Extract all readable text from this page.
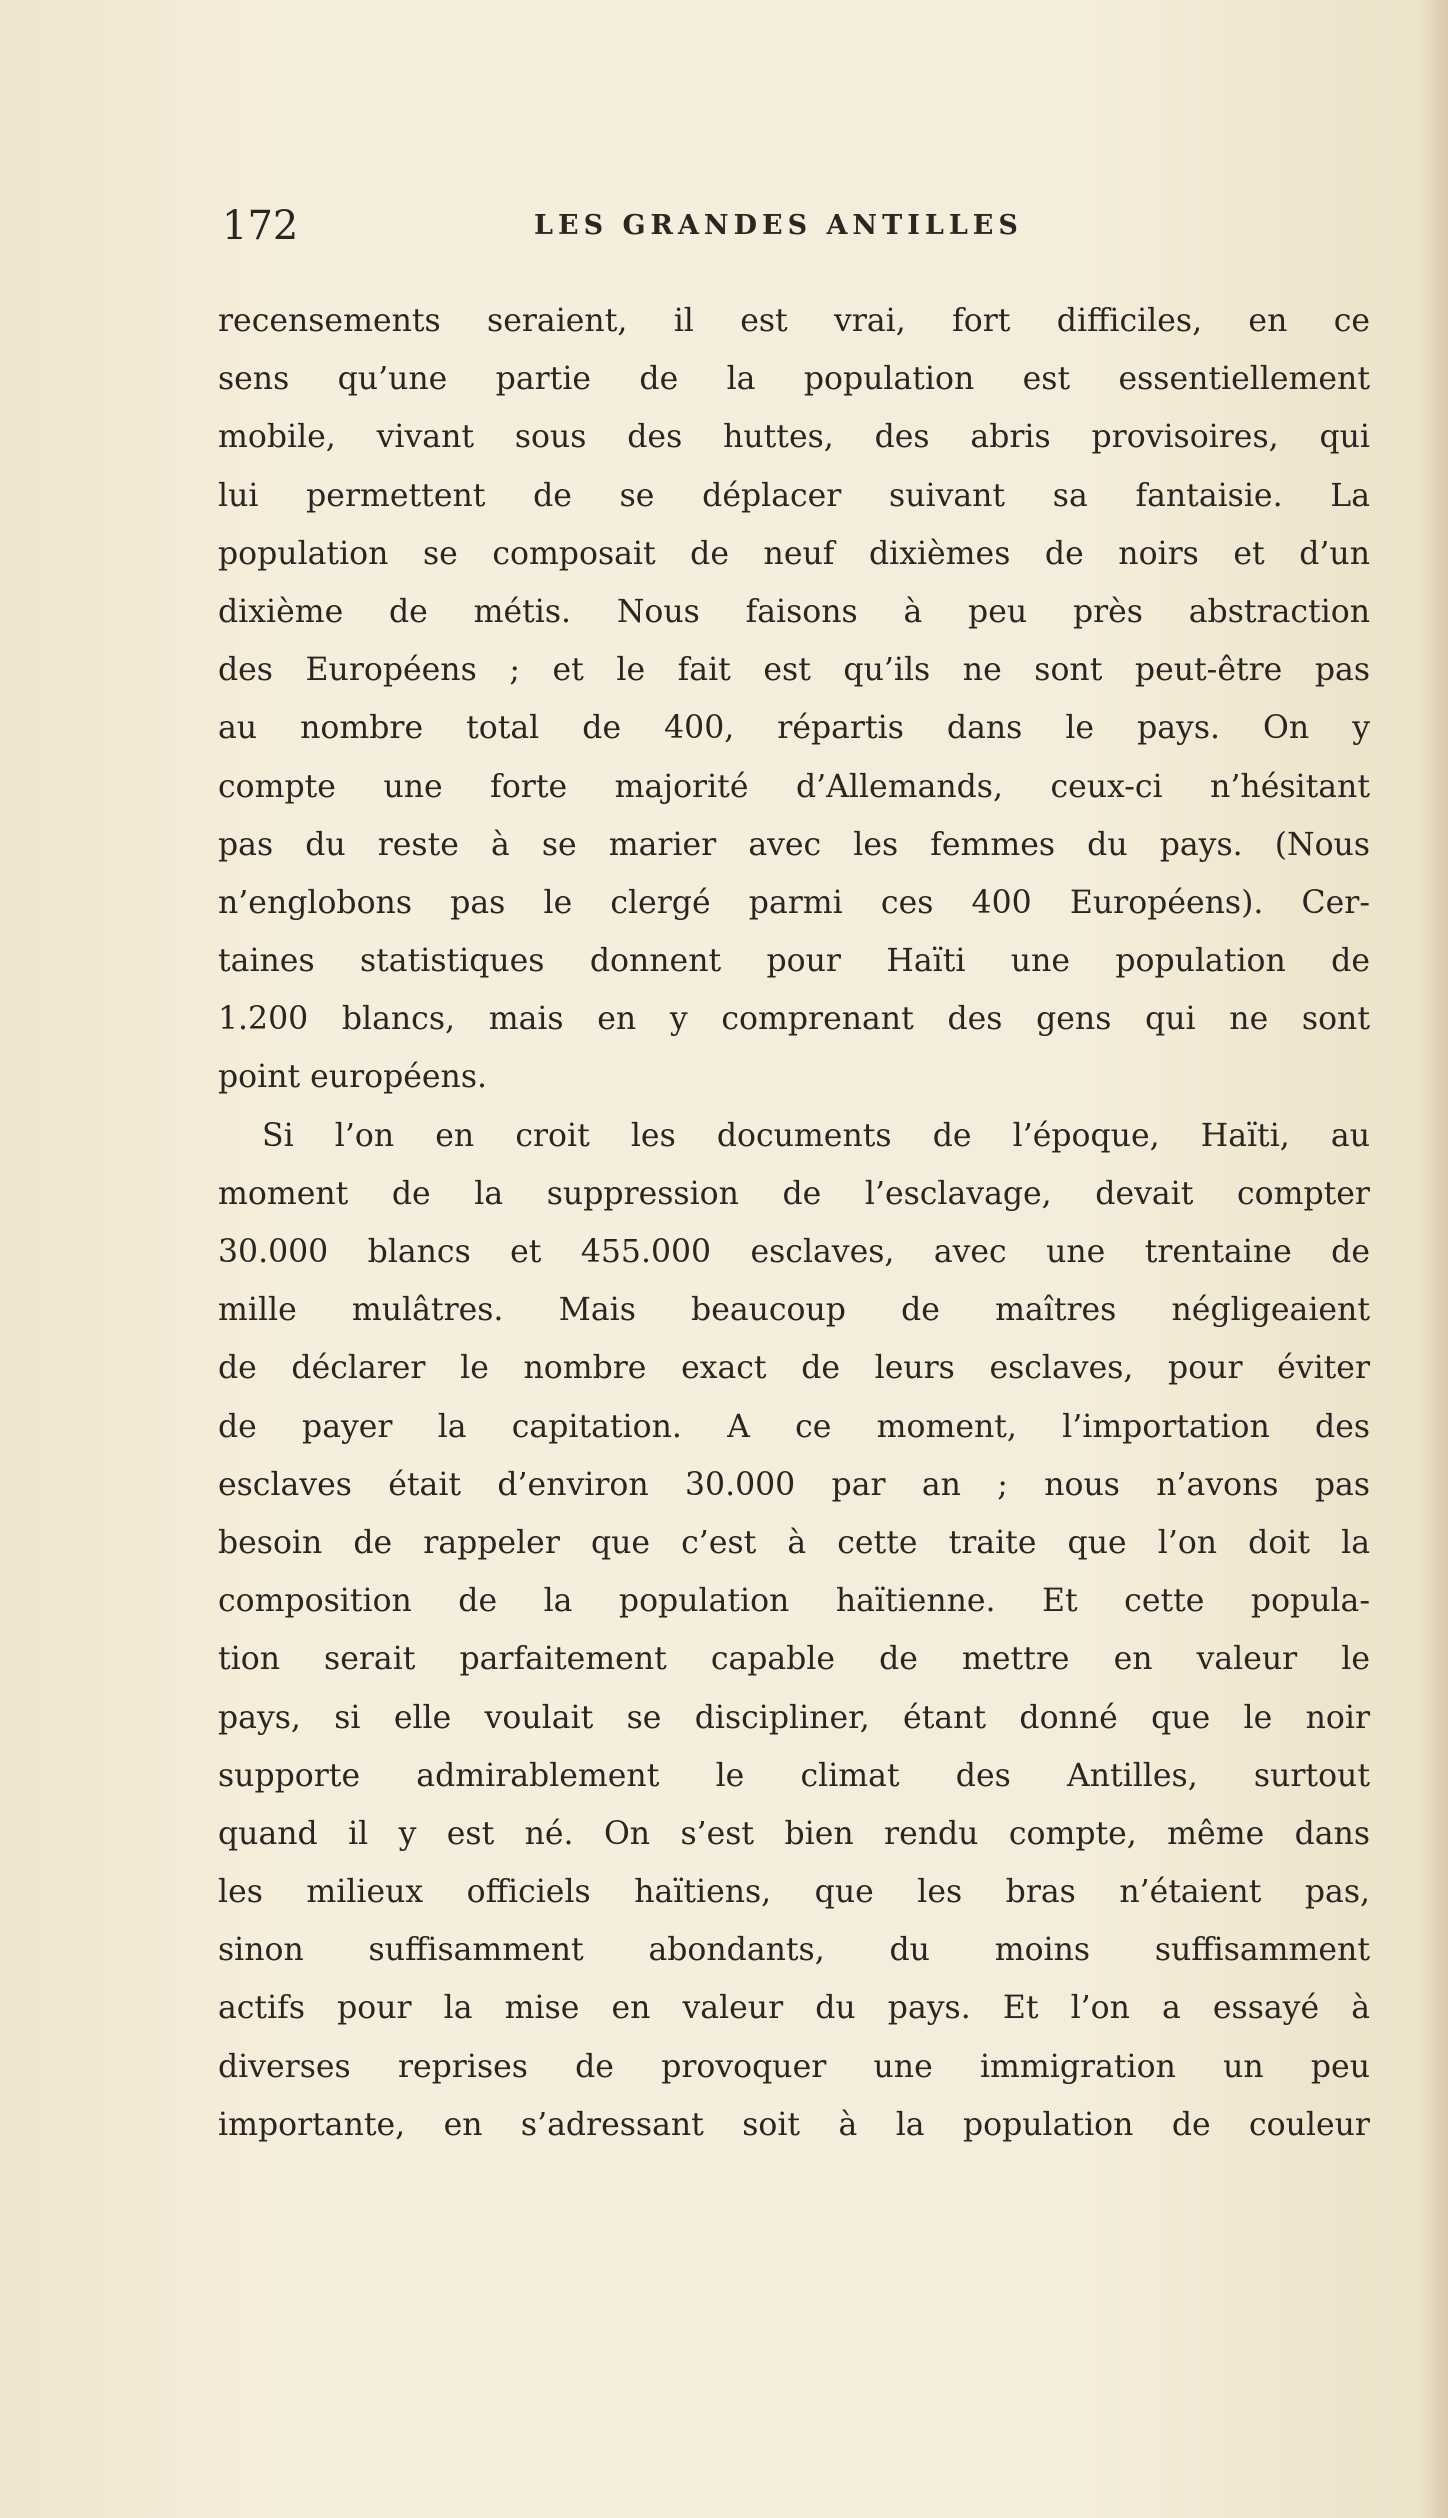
172	LES GRANDES ANTILLES
recensements seraient, il est vrai, fort difficiles, en ce
sens qu’une partie de la population est essentiellement
mobile, vivant sous des huttes, des abris provisoires, qui
lui permettent de se déplacer suivant sa fantaisie. La
population se composait de neuf dixièmes de noirs et d’un
dixième de métis. Nous faisons à peu près abstraction
des Européens ; et le fait est qu’ils ne sont peut-être pas
au nombre total de 400, répartis dans le pays. On y
compte une forte majorité d’Allemands, ceux-ci n’hésitant
pas du reste à se marier avec les femmes du pays. (Nous
n’englobons pas le clergé parmi ces 400 Européens). Cer-
taines statistiques donnent pour Haïti une population de
1.200 blancs, mais en y comprenant des gens qui ne sont
point européens.
Si l’on en croit les documents de l’époque, Haïti, au
moment de la suppression de l’esclavage, devait compter
30.000 blancs et 455.000 esclaves, avec une trentaine de
mille mulâtres. Mais beaucoup de maîtres négligeaient
de déclarer le nombre exact de leurs esclaves, pour éviter
de payer la capitation. A ce moment, l’importation des
esclaves était d’environ 30.000 par an ; nous n’avons pas
besoin de rappeler que c’est à cette traite que l’on doit la
composition de la population haïtienne. Et cette popula-
tion serait parfaitement capable de mettre en valeur le
pays, si elle voulait se discipliner, étant donné que le noir
supporte admirablement le climat des Antilles, surtout
quand il y est né. On s’est bien rendu compte, même dans
les milieux officiels haïtiens, que les bras n’étaient pas,
sinon suffisamment abondants, du moins suffisamment
actifs pour la mise en valeur du pays. Et l’on a essayé à
diverses reprises de provoquer une immigration un peu
importante, en s’adressant soit à la population de couleur
